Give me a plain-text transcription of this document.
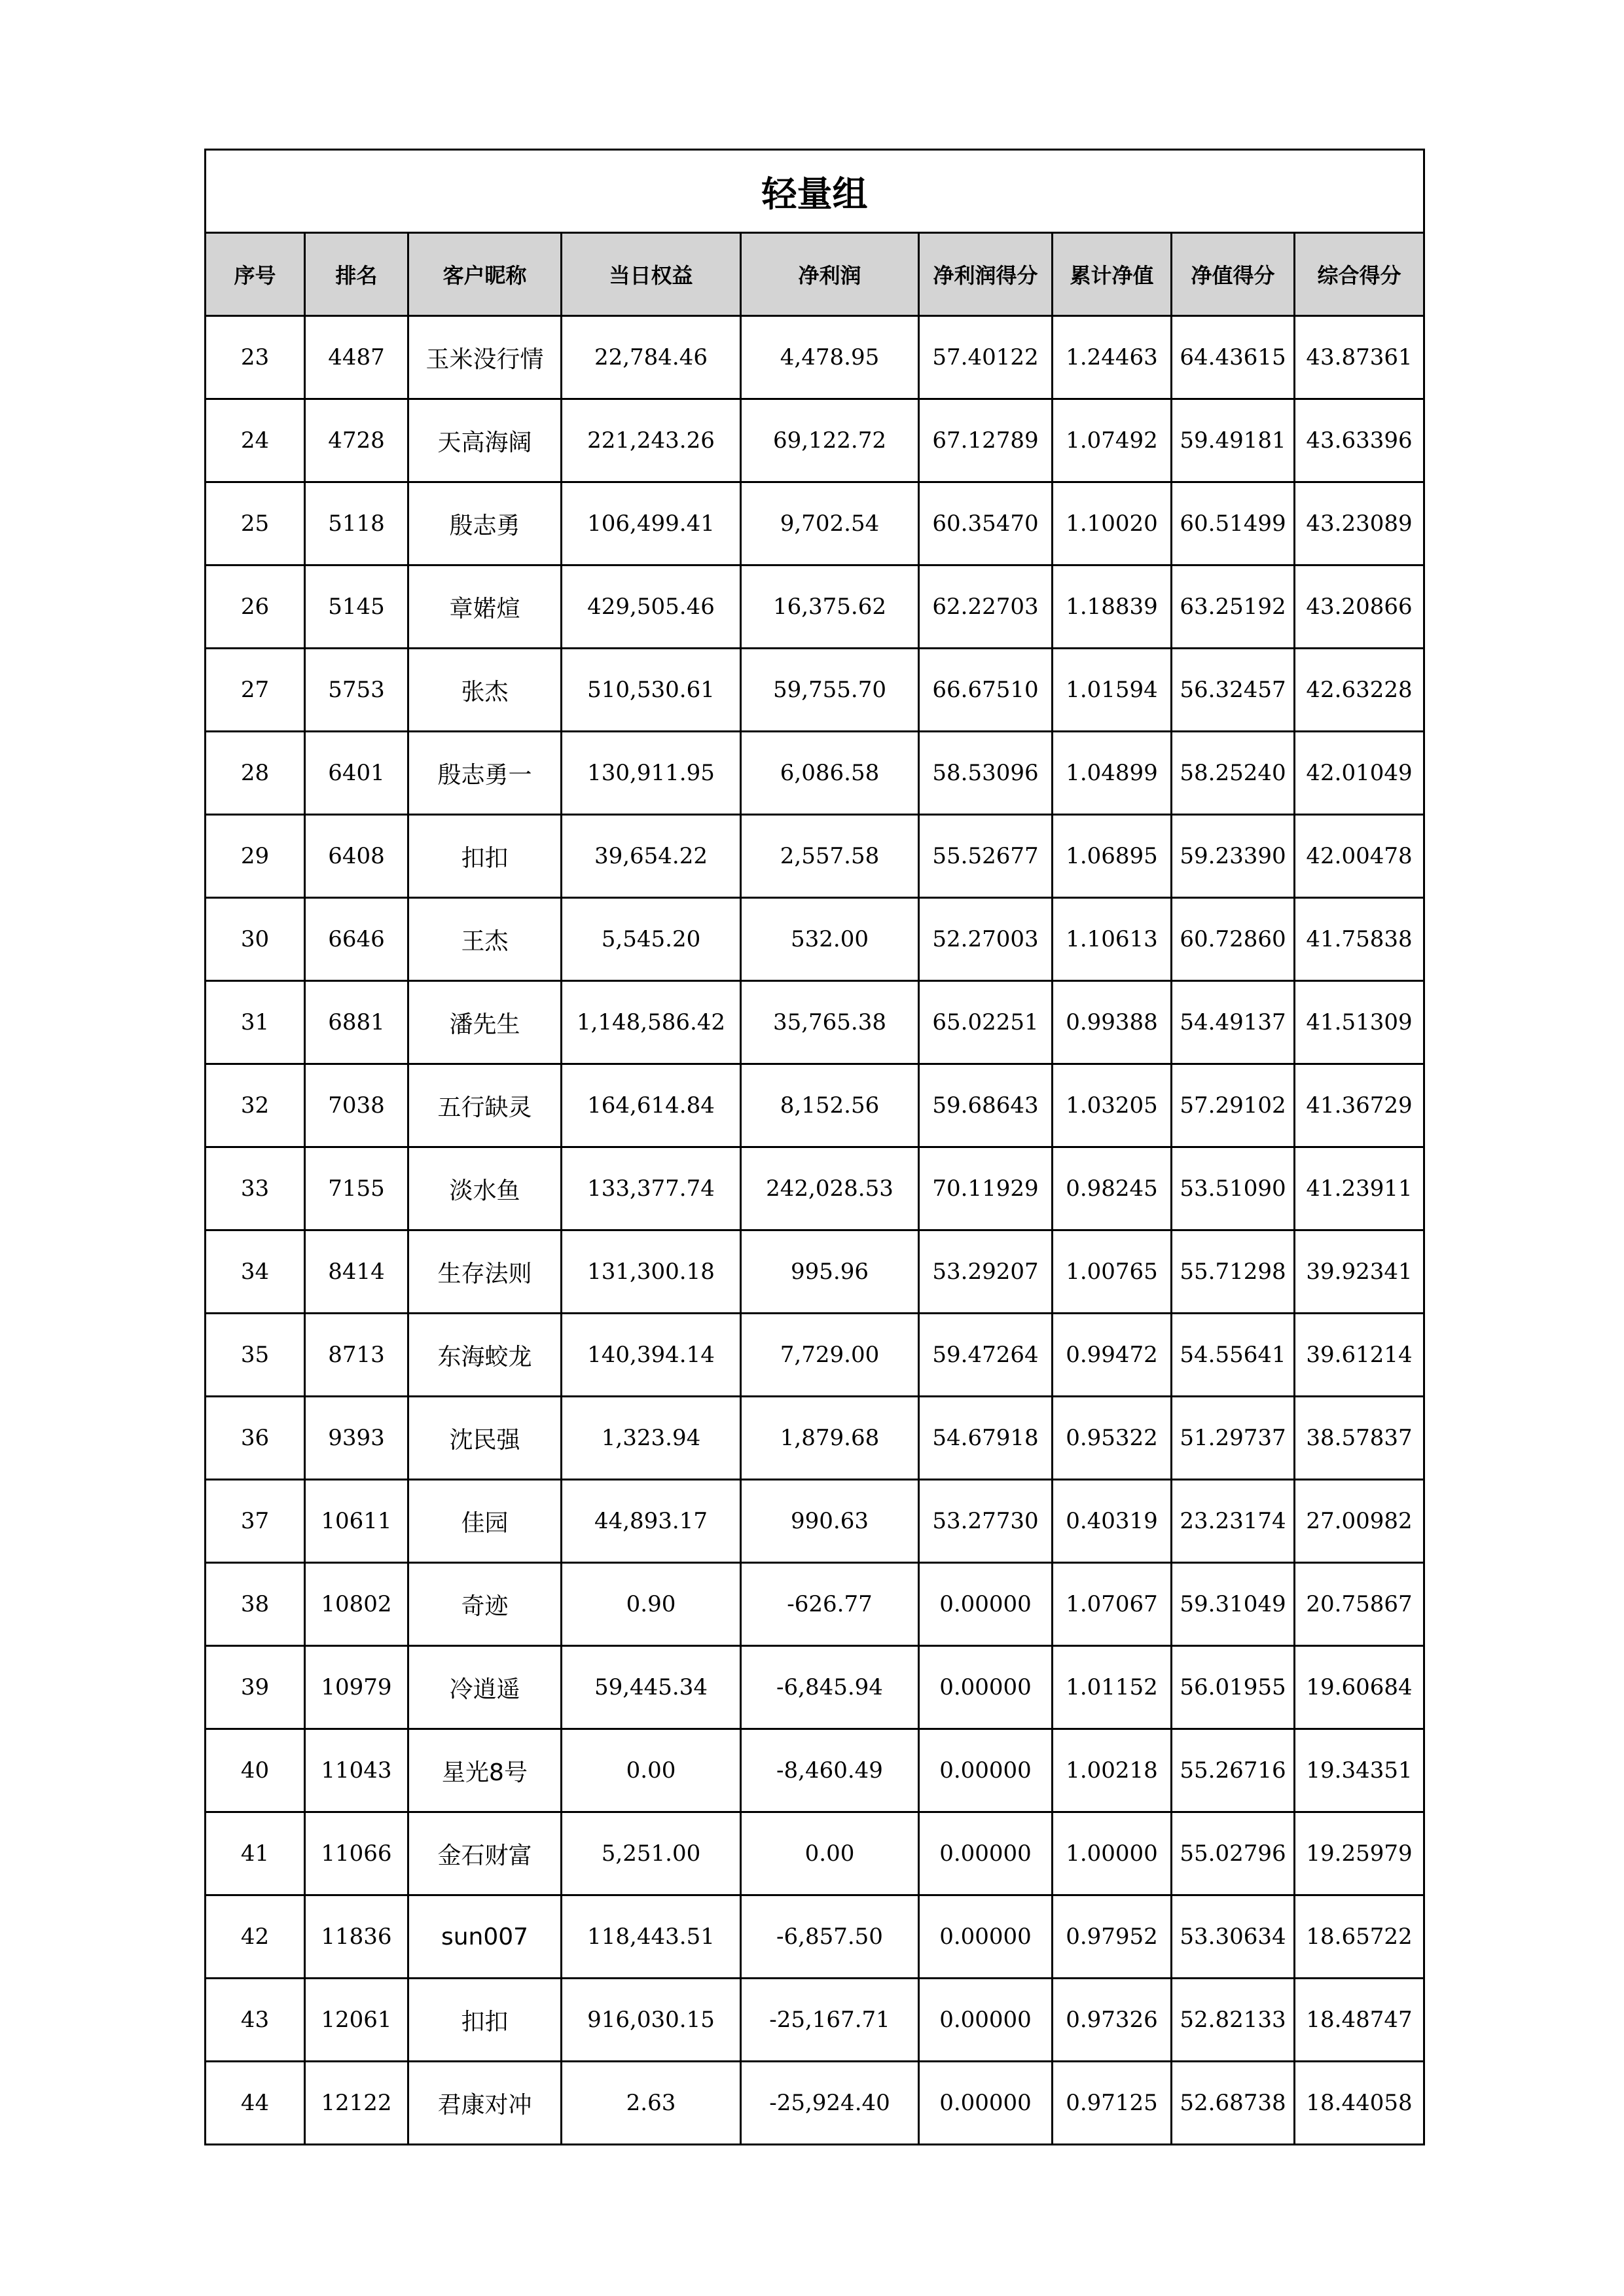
轻量组								
序号	排名	客户昵称	当日权益	净利润	净利润得分	累计净值	净值得分	综合得分
23	4487	玉米没行情	22,784.46	4,478.95	57.40122	1.24463	64.43615	43.87361
24	4728	天高海阔	221,243.26	69,122.72	67.12789	1.07492	59.49181	43.63396
25	5118	殷志勇	106,499.41	9,702.54	60.35470	1.10020	60.51499	43.23089
26	5145	章婼煊	429,505.46	16,375.62	62.22703	1.18839	63.25192	43.20866
27	5753	张杰	510,530.61	59,755.70	66.67510	1.01594	56.32457	42.63228
28	6401	殷志勇一	130,911.95	6,086.58	58.53096	1.04899	58.25240	42.01049
29	6408	扣扣	39,654.22	2,557.58	55.52677	1.06895	59.23390	42.00478
30	6646	王杰	5,545.20	532.00	52.27003	1.10613	60.72860	41.75838
31	6881	潘先生	1,148,586.42	35,765.38	65.02251	0.99388	54.49137	41.51309
32	7038	五行缺灵	164,614.84	8,152.56	59.68643	1.03205	57.29102	41.36729
33	7155	淡水鱼	133,377.74	242,028.53	70.11929	0.98245	53.51090	41.23911
34	8414	生存法则	131,300.18	995.96	53.29207	1.00765	55.71298	39.92341
35	8713	东海蛟龙	140,394.14	7,729.00	59.47264	0.99472	54.55641	39.61214
36	9393	沈民强	1,323.94	1,879.68	54.67918	0.95322	51.29737	38.57837
37	10611	佳园	44,893.17	990.63	53.27730	0.40319	23.23174	27.00982
38	10802	奇迹	0.90	-626.77	0.00000	1.07067	59.31049	20.75867
39	10979	冷逍遥	59,445.34	-6,845.94	0.00000	1.01152	56.01955	19.60684
40	11043	星光8号	0.00	-8,460.49	0.00000	1.00218	55.26716	19.34351
41	11066	金石财富	5,251.00	0.00	0.00000	1.00000	55.02796	19.25979
42	11836	sun007	118,443.51	-6,857.50	0.00000	0.97952	53.30634	18.65722
43	12061	扣扣	916,030.15	-25,167.71	0.00000	0.97326	52.82133	18.48747
44	12122	君康对冲	2.63	-25,924.40	0.00000	0.97125	52.68738	18.44058
